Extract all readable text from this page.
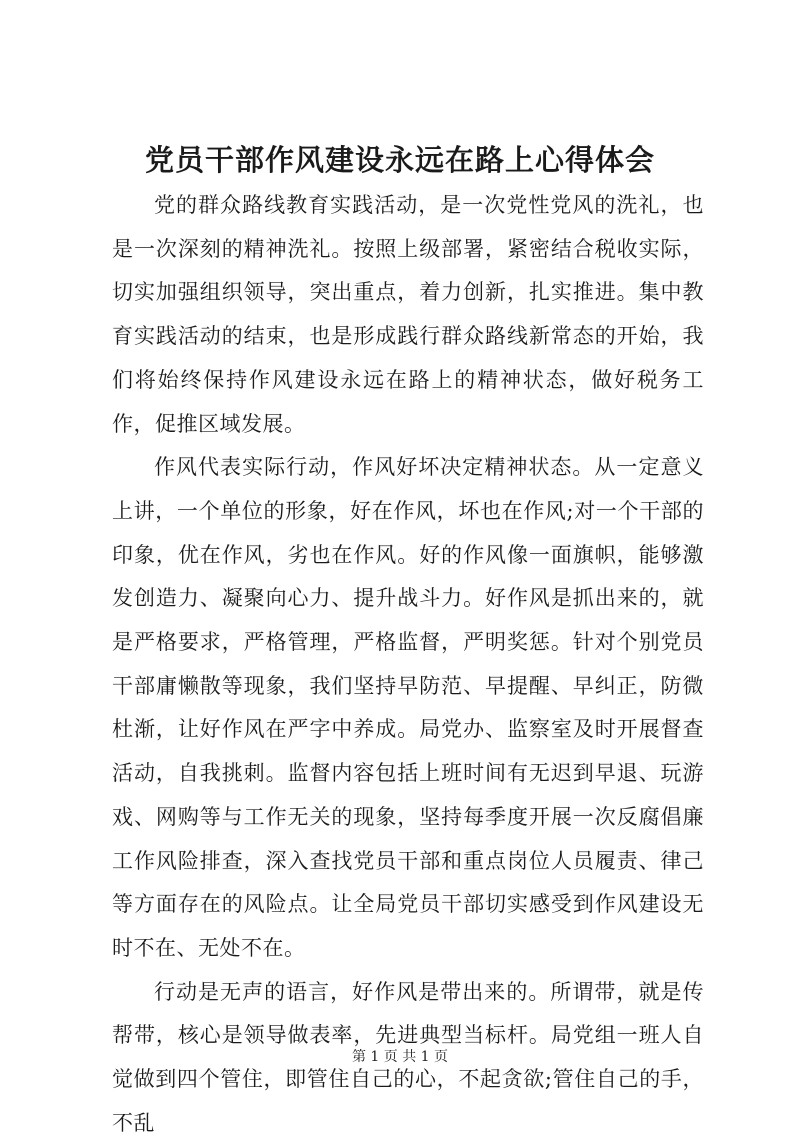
党员干部作风建设永远在路上心得体会

党的群众路线教育实践活动，是一次党性党风的洗礼，也是一次深刻的精神洗礼。按照上级部署，紧密结合税收实际，切实加强组织领导，突出重点，着力创新，扎实推进。集中教育实践活动的结束，也是形成践行群众路线新常态的开始，我们将始终保持作风建设永远在路上的精神状态，做好税务工作，促推区域发展。

作风代表实际行动，作风好坏决定精神状态。从一定意义上讲，一个单位的形象，好在作风，坏也在作风;对一个干部的印象，优在作风，劣也在作风。好的作风像一面旗帜，能够激发创造力、凝聚向心力、提升战斗力。好作风是抓出来的，就是严格要求，严格管理，严格监督，严明奖惩。针对个别党员干部庸懒散等现象，我们坚持早防范、早提醒、早纠正，防微杜渐，让好作风在严字中养成。局党办、监察室及时开展督查活动，自我挑刺。监督内容包括上班时间有无迟到早退、玩游戏、网购等与工作无关的现象，坚持每季度开展一次反腐倡廉工作风险排查，深入查找党员干部和重点岗位人员履责、律己等方面存在的风险点。让全局党员干部切实感受到作风建设无时不在、无处不在。

行动是无声的语言，好作风是带出来的。所谓带，就是传帮带，核心是领导做表率，先进典型当标杆。局党组一班人自觉做到四个管住，即管住自己的心，不起贪欲;管住自己的手，不乱

第 1 页 共 1 页
